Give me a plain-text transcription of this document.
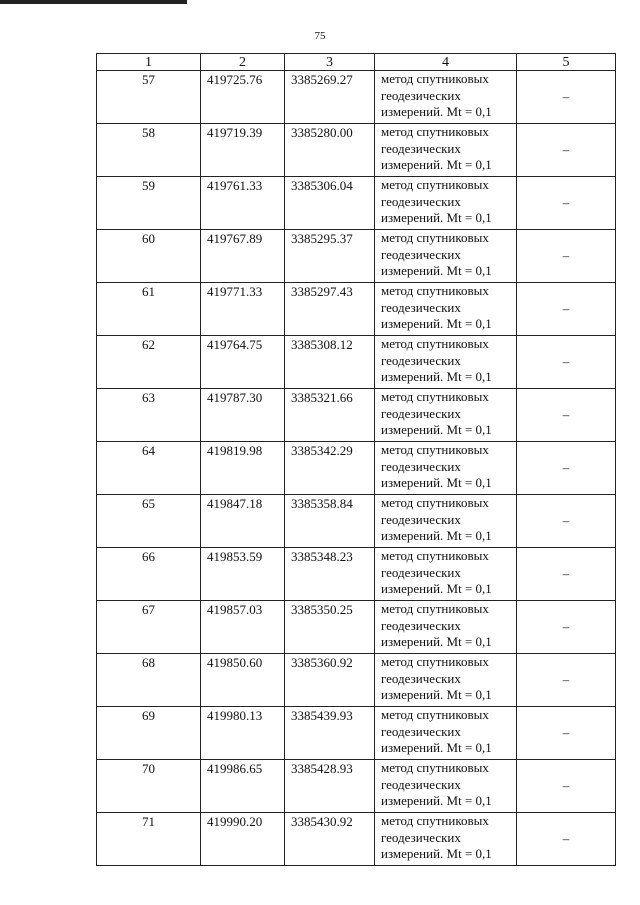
75
1	2	3	4	5
57	419725.76	3385269.27	метод спутниковых геодезических измерений. Mt = 0,1	–
58	419719.39	3385280.00	метод спутниковых геодезических измерений. Mt = 0,1	–
59	419761.33	3385306.04	метод спутниковых геодезических измерений. Mt = 0,1	–
60	419767.89	3385295.37	метод спутниковых геодезических измерений. Mt = 0,1	–
61	419771.33	3385297.43	метод спутниковых геодезических измерений. Mt = 0,1	–
62	419764.75	3385308.12	метод спутниковых геодезических измерений. Mt = 0,1	–
63	419787.30	3385321.66	метод спутниковых геодезических измерений. Mt = 0,1	–
64	419819.98	3385342.29	метод спутниковых геодезических измерений. Mt = 0,1	–
65	419847.18	3385358.84	метод спутниковых геодезических измерений. Mt = 0,1	–
66	419853.59	3385348.23	метод спутниковых геодезических измерений. Mt = 0,1	–
67	419857.03	3385350.25	метод спутниковых геодезических измерений. Mt = 0,1	–
68	419850.60	3385360.92	метод спутниковых геодезических измерений. Mt = 0,1	–
69	419980.13	3385439.93	метод спутниковых геодезических измерений. Mt = 0,1	–
70	419986.65	3385428.93	метод спутниковых геодезических измерений. Mt = 0,1	–
71	419990.20	3385430.92	метод спутниковых геодезических измерений. Mt = 0,1	–
